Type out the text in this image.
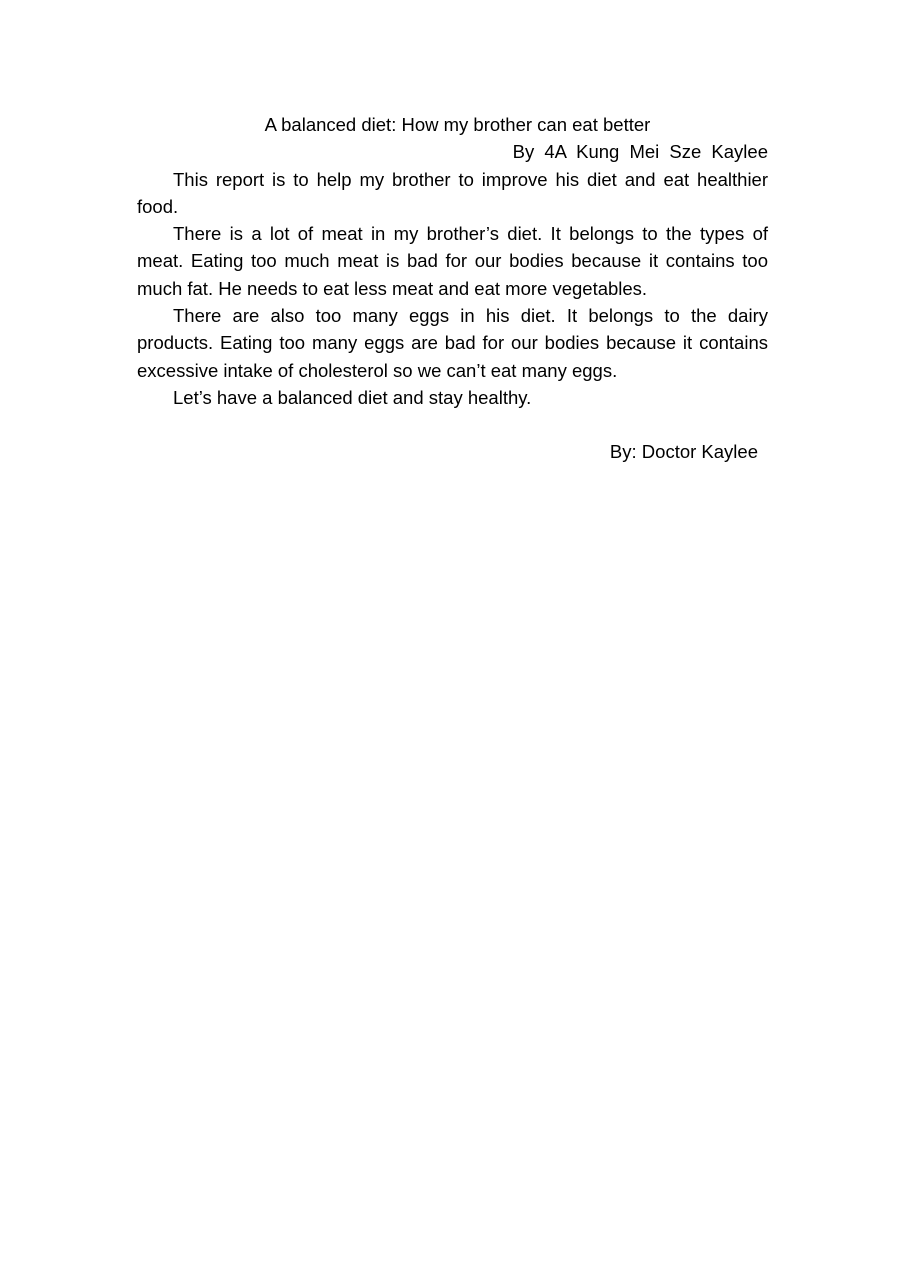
A balanced diet: How my brother can eat better

By 4A Kung Mei Sze Kaylee

This report is to help my brother to improve his diet and eat healthier food.

There is a lot of meat in my brother’s diet. It belongs to the types of meat. Eating too much meat is bad for our bodies because it contains too much fat. He needs to eat less meat and eat more vegetables.

There are also too many eggs in his diet. It belongs to the dairy products. Eating too many eggs are bad for our bodies because it contains excessive intake of cholesterol so we can’t eat many eggs.

Let’s have a balanced diet and stay healthy.

By: Doctor Kaylee
